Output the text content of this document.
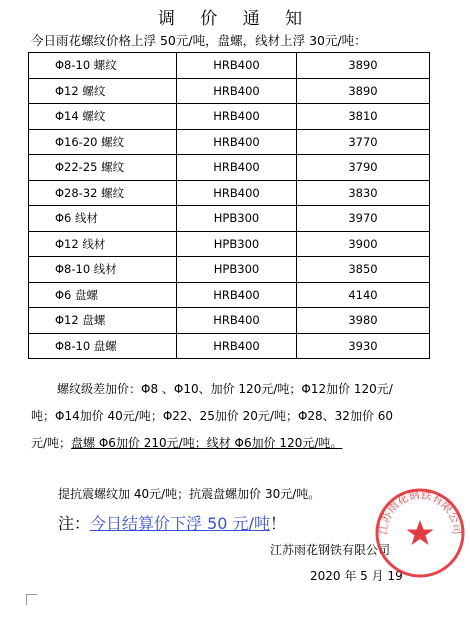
调 价 通 知
今日雨花螺纹价格上浮 50元/吨，盘螺，线材上浮 30元/吨：
Φ8-10 螺纹	HRB400	3890
Φ12 螺纹	HRB400	3890
Φ14 螺纹	HRB400	3810
Φ16-20 螺纹	HRB400	3770
Φ22-25 螺纹	HRB400	3790
Φ28-32 螺纹	HRB400	3830
Φ6 线材	HPB300	3970
Φ12 线材	HPB300	3900
Φ8-10 线材	HPB300	3850
Φ6 盘螺	HRB400	4140
Φ12 盘螺	HRB400	3980
Φ8-10 盘螺	HRB400	3930
螺纹级差加价：Φ8 、Φ10、加价 120元/吨；Φ12加价 120元/吨；Φ14加价 40元/吨；Φ22、25加价 20元/吨；Φ28、32加价 60元/吨；盘螺 Φ6加价 210元/吨；线材 Φ6加价 120元/吨。
提抗震螺纹加 40元/吨；抗震盘螺加价 30元/吨。
注：今日结算价下浮 50 元/吨！
江苏雨花钢铁有限公司
2020 年 5 月 19
江苏雨花钢铁有限公司
